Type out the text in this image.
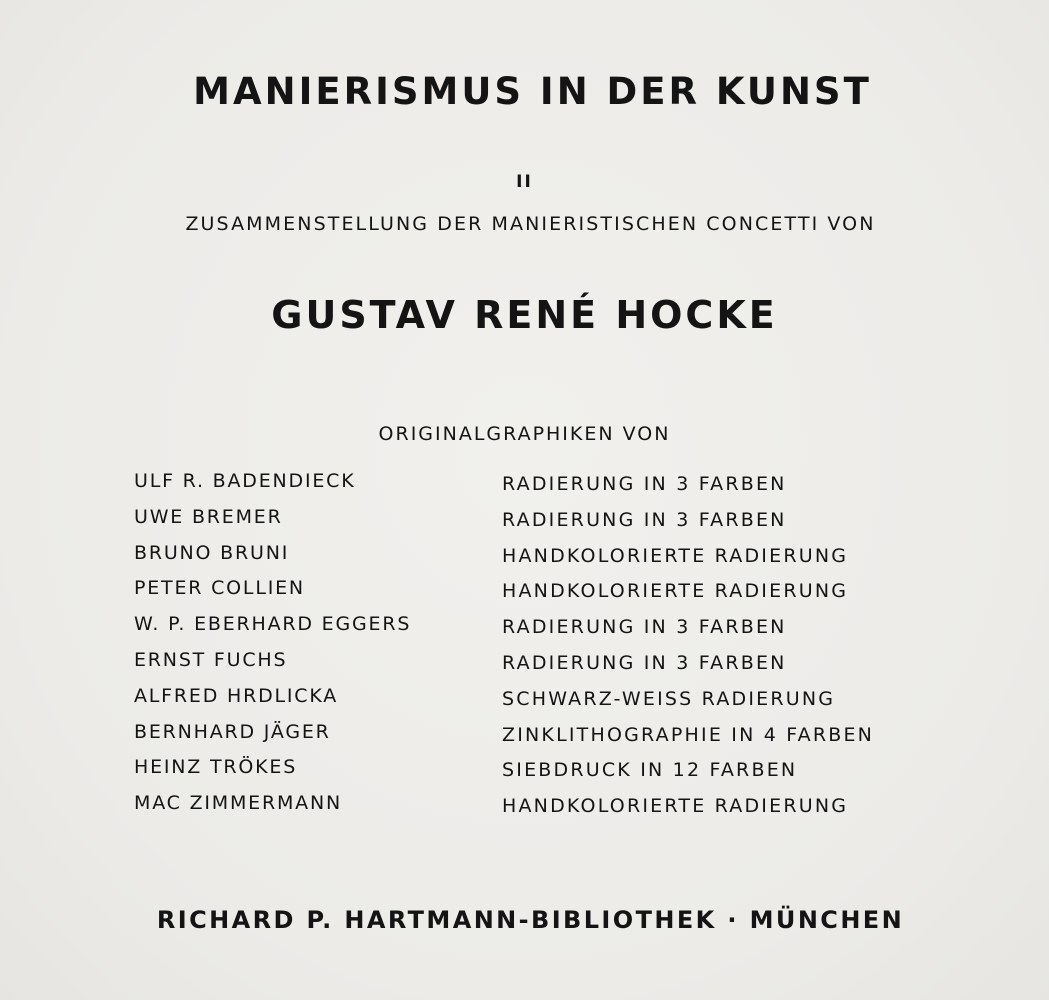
MANIERISMUS IN DER KUNST
II
ZUSAMMENSTELLUNG DER MANIERISTISCHEN CONCETTI VON
GUSTAV RENÉ HOCKE
ORIGINALGRAPHIKEN VON
ULF R. BADENDIECK	RADIERUNG IN 3 FARBEN
UWE BREMER	RADIERUNG IN 3 FARBEN
BRUNO BRUNI	HANDKOLORIERTE RADIERUNG
PETER COLLIEN	HANDKOLORIERTE RADIERUNG
W. P. EBERHARD EGGERS	RADIERUNG IN 3 FARBEN
ERNST FUCHS	RADIERUNG IN 3 FARBEN
ALFRED HRDLICKA	SCHWARZ-WEISS RADIERUNG
BERNHARD JÄGER	ZINKLITHOGRAPHIE IN 4 FARBEN
HEINZ TRÖKES	SIEBDRUCK IN 12 FARBEN
MAC ZIMMERMANN	HANDKOLORIERTE RADIERUNG
RICHARD P. HARTMANN-BIBLIOTHEK · MÜNCHEN
